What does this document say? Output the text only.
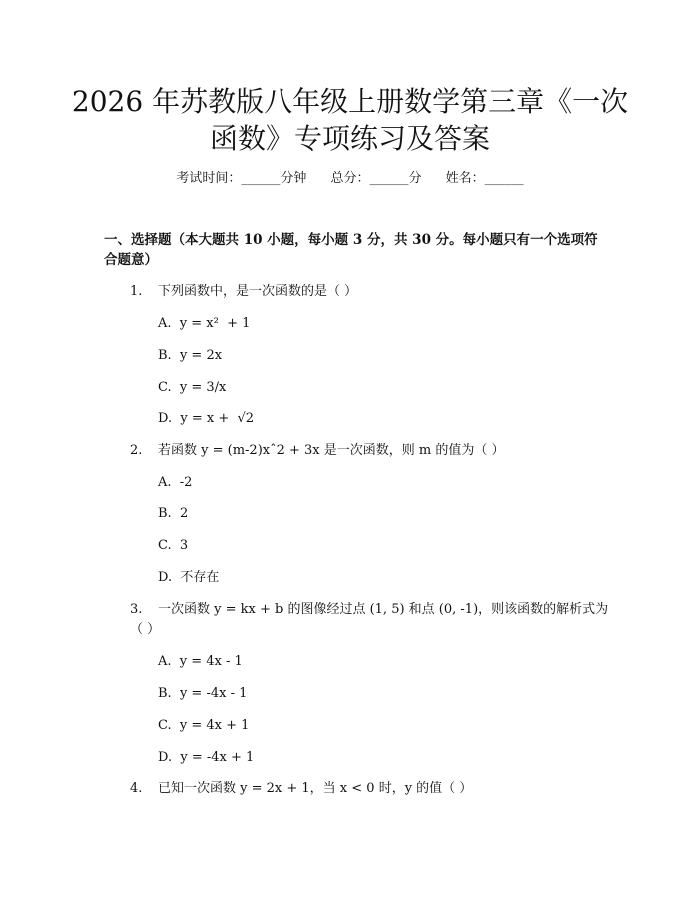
2026 年苏教版八年级上册数学第三章《一次
函数》专项练习及答案
考试时间：______分钟 总分：______分 姓名：______

一、选择题（本大题共 10 小题，每小题 3 分，共 30 分。每小题只有一个选项符合题意）

1. 下列函数中，是一次函数的是（ ）
A.  y = x²  + 1
B.  y = 2x
C.  y = 3/x
D.  y = x +  √2
2. 若函数 y = (m-2)xˆ2 + 3x 是一次函数，则 m 的值为（ ）
A.  -2
B.  2
C.  3
D.  不存在
3.	一次函数 y = kx + b 的图像经过点 (1, 5) 和点 (0, -1)，则该函数的解析式为（ ）
A.  y = 4x - 1
B.  y = -4x - 1
C.  y = 4x + 1
D.  y = -4x + 1
4. 已知一次函数 y = 2x + 1，当 x < 0 时，y 的值（ ）
